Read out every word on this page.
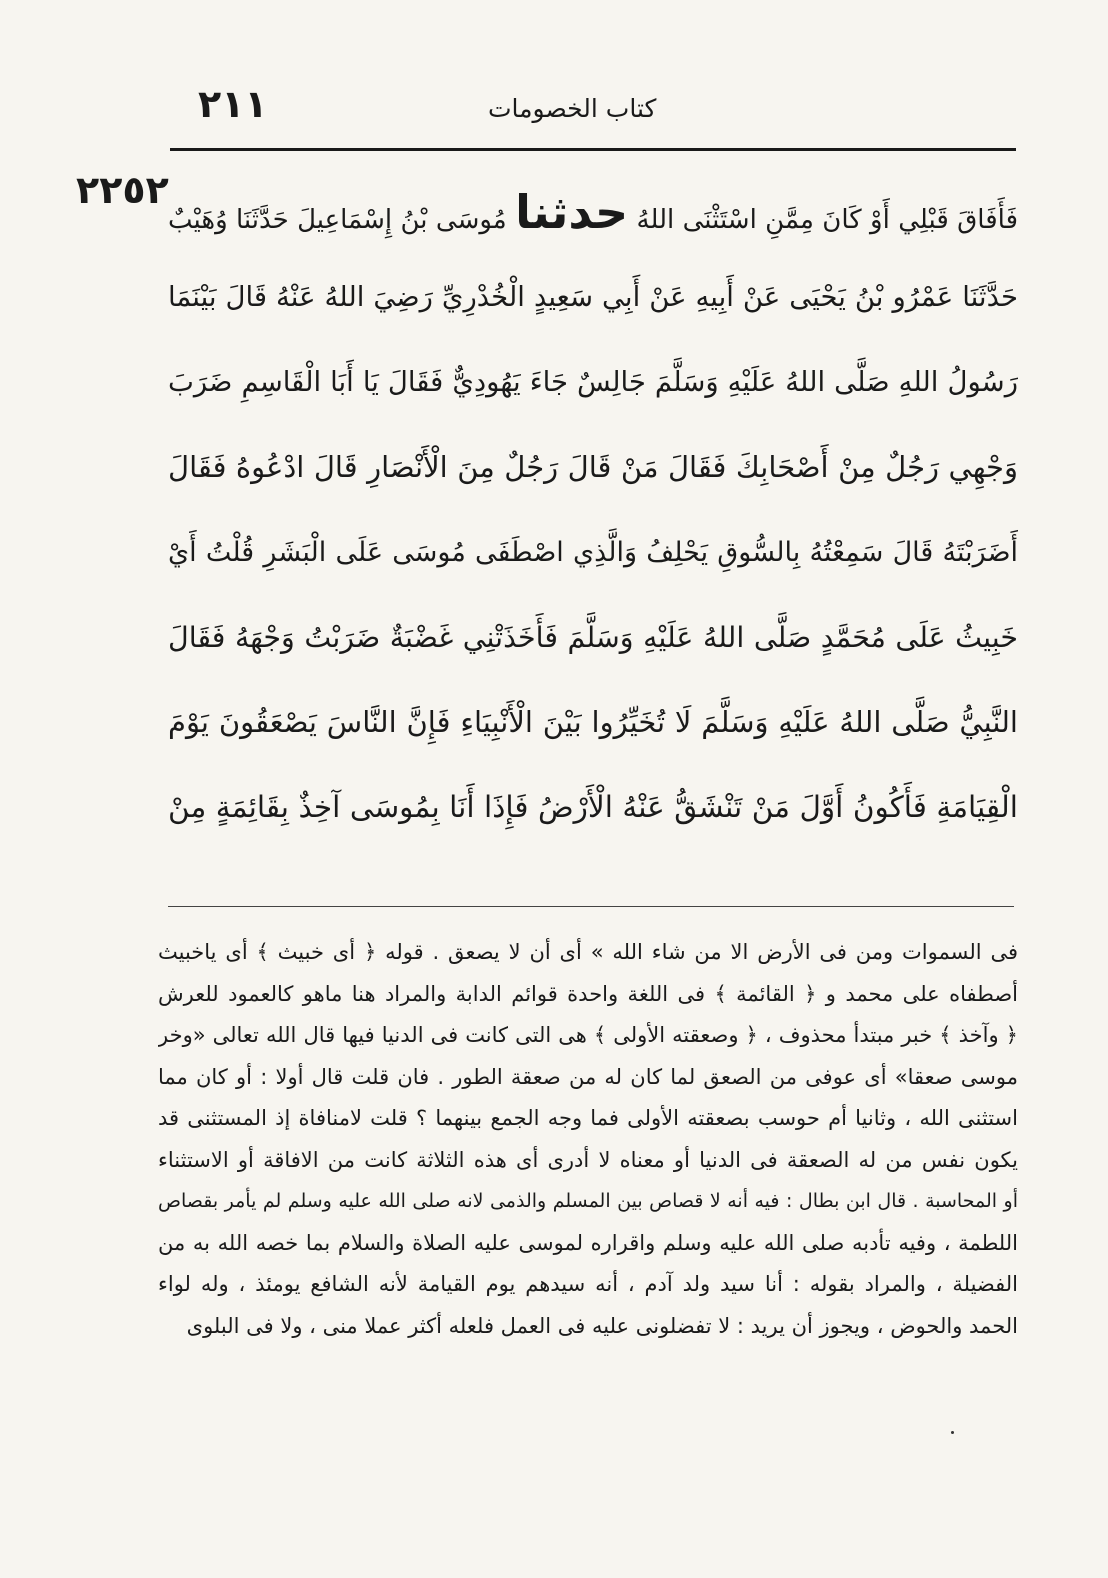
٢١١	كتاب الخصومات
٢٢٥٢
فَأَفَاقَ قَبْلِي أَوْ كَانَ مِمَّنِ اسْتَثْنَى اللهُ حدثنا مُوسَى بْنُ إِسْمَاعِيلَ حَدَّثَنَا وُهَيْبٌ
حَدَّثَنَا عَمْرُو بْنُ يَحْيَى عَنْ أَبِيهِ عَنْ أَبِي سَعِيدٍ الْخُدْرِيِّ رَضِيَ اللهُ عَنْهُ قَالَ بَيْنَمَا
رَسُولُ اللهِ صَلَّى اللهُ عَلَيْهِ وَسَلَّمَ جَالِسٌ جَاءَ يَهُودِيٌّ فَقَالَ يَا أَبَا الْقَاسِمِ ضَرَبَ
وَجْهِي رَجُلٌ مِنْ أَصْحَابِكَ فَقَالَ مَنْ قَالَ رَجُلٌ مِنَ الْأَنْصَارِ قَالَ ادْعُوهُ فَقَالَ
أَضَرَبْتَهُ قَالَ سَمِعْتُهُ بِالسُّوقِ يَحْلِفُ وَالَّذِي اصْطَفَى مُوسَى عَلَى الْبَشَرِ قُلْتُ أَيْ
خَبِيثُ عَلَى مُحَمَّدٍ صَلَّى اللهُ عَلَيْهِ وَسَلَّمَ فَأَخَذَتْنِي غَضْبَةٌ ضَرَبْتُ وَجْهَهُ فَقَالَ
النَّبِيُّ صَلَّى اللهُ عَلَيْهِ وَسَلَّمَ لَا تُخَيِّرُوا بَيْنَ الْأَنْبِيَاءِ فَإِنَّ النَّاسَ يَصْعَقُونَ يَوْمَ
الْقِيَامَةِ فَأَكُونُ أَوَّلَ مَنْ تَنْشَقُّ عَنْهُ الْأَرْضُ فَإِذَا أَنَا بِمُوسَى آخِذٌ بِقَائِمَةٍ مِنْ
فى السموات ومن فى الأرض الا من شاء الله » أى أن لا يصعق . قوله ﴿ أى خبيث ﴾ أى ياخبيث
أصطفاه على محمد و ﴿ القائمة ﴾ فى اللغة واحدة قوائم الدابة والمراد هنا ماهو كالعمود للعرش
﴿ وآخذ ﴾ خبر مبتدأ محذوف ، ﴿ وصعقته الأولى ﴾ هى التى كانت فى الدنيا فيها قال الله تعالى «وخر
موسى صعقا» أى عوفى من الصعق لما كان له من صعقة الطور . فان قلت قال أولا : أو كان مما
استثنى الله ، وثانيا أم حوسب بصعقته الأولى فما وجه الجمع بينهما ؟ قلت لامنافاة إذ المستثنى قد
يكون نفس من له الصعقة فى الدنيا أو معناه لا أدرى أى هذه الثلاثة كانت من الافاقة أو الاستثناء
أو المحاسبة . قال ابن بطال : فيه أنه لا قصاص بين المسلم والذمى لانه صلى الله عليه وسلم لم يأمر بقصاص
اللطمة ، وفيه تأدبه صلى الله عليه وسلم واقراره لموسى عليه الصلاة والسلام بما خصه الله به من
الفضيلة ، والمراد بقوله : أنا سيد ولد آدم ، أنه سيدهم يوم القيامة لأنه الشافع يومئذ ، وله لواء
الحمد والحوض ، ويجوز أن يريد : لا تفضلونى عليه فى العمل فلعله أكثر عملا منى ، ولا فى البلوى
